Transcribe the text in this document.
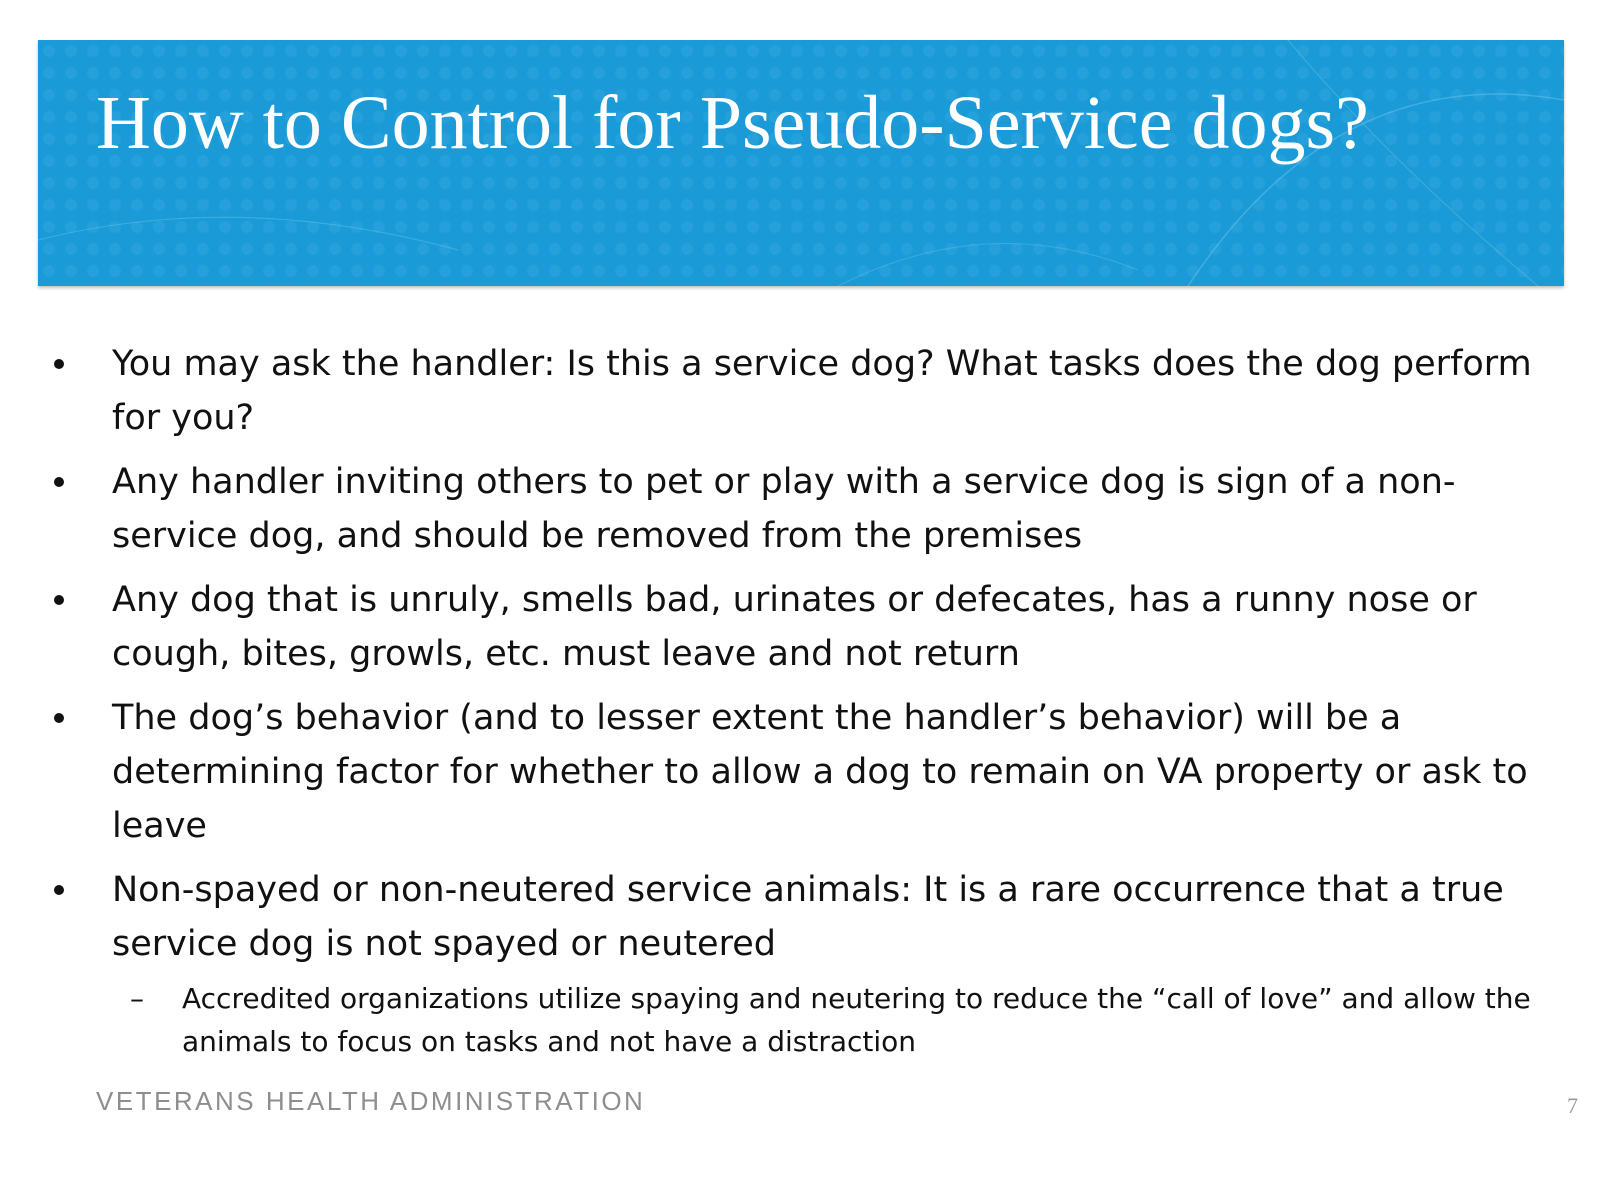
How to Control for Pseudo-Service dogs?
You may ask the handler: Is this a service dog? What tasks does the dog perform for you?
Any handler inviting others to pet or play with a service dog is sign of a non-service dog, and should be removed from the premises
Any dog that is unruly, smells bad, urinates or defecates, has a runny nose or cough, bites, growls, etc. must leave and not return
The dog’s behavior (and to lesser extent the handler’s behavior) will be a determining factor for whether to allow a dog to remain on VA property or ask to leave
Non-spayed or non-neutered service animals: It is a rare occurrence that a true service dog is not spayed or neutered
– Accredited organizations utilize spaying and neutering to reduce the “call of love” and allow the animals to focus on tasks and not have a distraction
VETERANS HEALTH ADMINISTRATION	7
